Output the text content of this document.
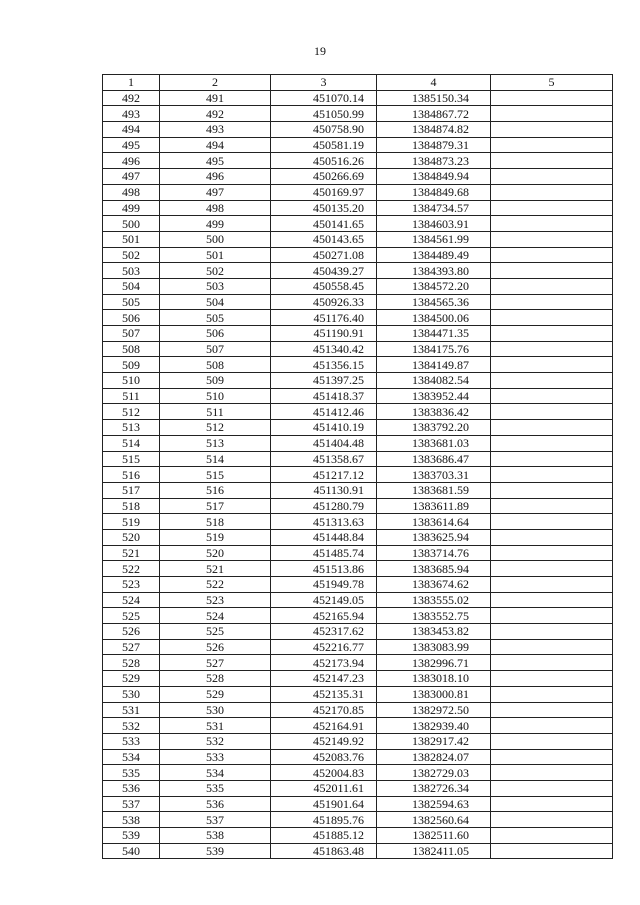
19
1	2	3	4	5
492	491	451070.14	1385150.34	
493	492	451050.99	1384867.72	
494	493	450758.90	1384874.82	
495	494	450581.19	1384879.31	
496	495	450516.26	1384873.23	
497	496	450266.69	1384849.94	
498	497	450169.97	1384849.68	
499	498	450135.20	1384734.57	
500	499	450141.65	1384603.91	
501	500	450143.65	1384561.99	
502	501	450271.08	1384489.49	
503	502	450439.27	1384393.80	
504	503	450558.45	1384572.20	
505	504	450926.33	1384565.36	
506	505	451176.40	1384500.06	
507	506	451190.91	1384471.35	
508	507	451340.42	1384175.76	
509	508	451356.15	1384149.87	
510	509	451397.25	1384082.54	
511	510	451418.37	1383952.44	
512	511	451412.46	1383836.42	
513	512	451410.19	1383792.20	
514	513	451404.48	1383681.03	
515	514	451358.67	1383686.47	
516	515	451217.12	1383703.31	
517	516	451130.91	1383681.59	
518	517	451280.79	1383611.89	
519	518	451313.63	1383614.64	
520	519	451448.84	1383625.94	
521	520	451485.74	1383714.76	
522	521	451513.86	1383685.94	
523	522	451949.78	1383674.62	
524	523	452149.05	1383555.02	
525	524	452165.94	1383552.75	
526	525	452317.62	1383453.82	
527	526	452216.77	1383083.99	
528	527	452173.94	1382996.71	
529	528	452147.23	1383018.10	
530	529	452135.31	1383000.81	
531	530	452170.85	1382972.50	
532	531	452164.91	1382939.40	
533	532	452149.92	1382917.42	
534	533	452083.76	1382824.07	
535	534	452004.83	1382729.03	
536	535	452011.61	1382726.34	
537	536	451901.64	1382594.63	
538	537	451895.76	1382560.64	
539	538	451885.12	1382511.60	
540	539	451863.48	1382411.05	
